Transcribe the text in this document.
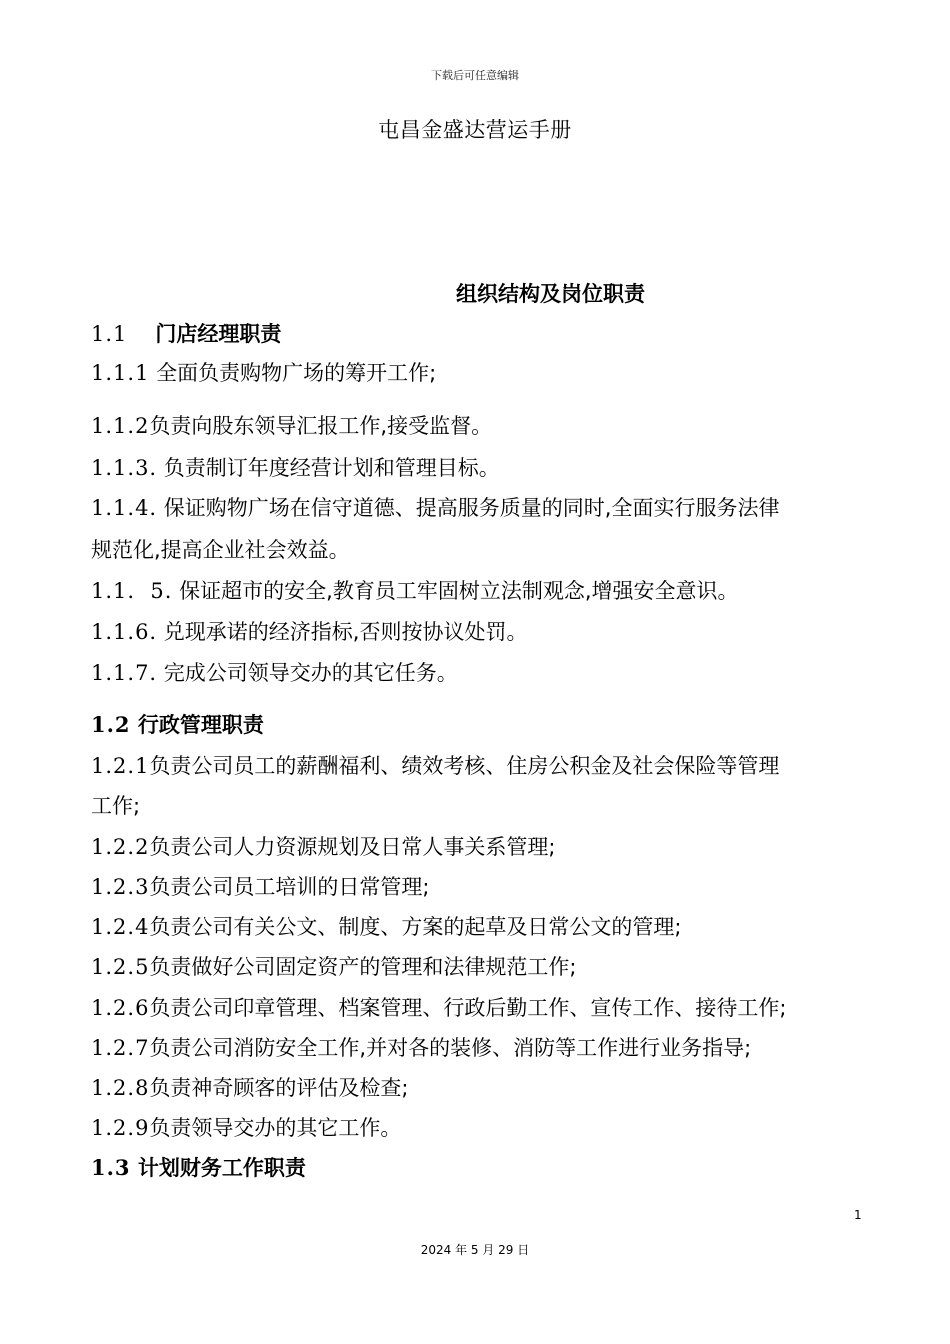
下载后可任意编辑
屯昌金盛达营运手册
组织结构及岗位职责
1.1 门店经理职责
1.1.1 全面负责购物广场的筹开工作;
1.1.2负责向股东领导汇报工作,接受监督。
1.1.3. 负责制订年度经营计划和管理目标。
1.1.4. 保证购物广场在信守道德、提高服务质量的同时,全面实行服务法律
规范化,提高企业社会效益。
1.1.  5. 保证超市的安全,教育员工牢固树立法制观念,增强安全意识。
1.1.6. 兑现承诺的经济指标,否则按协议处罚。
1.1.7. 完成公司领导交办的其它任务。
1.2 行政管理职责
1.2.1负责公司员工的薪酬福利、绩效考核、住房公积金及社会保险等管理
工作;
1.2.2负责公司人力资源规划及日常人事关系管理;
1.2.3负责公司员工培训的日常管理;
1.2.4负责公司有关公文、制度、方案的起草及日常公文的管理;
1.2.5负责做好公司固定资产的管理和法律规范工作;
1.2.6负责公司印章管理、档案管理、行政后勤工作、宣传工作、接待工作;
1.2.7负责公司消防安全工作,并对各的装修、消防等工作进行业务指导;
1.2.8负责神奇顾客的评估及检查;
1.2.9负责领导交办的其它工作。
1.3 计划财务工作职责
1
2024 年 5 月 29 日
